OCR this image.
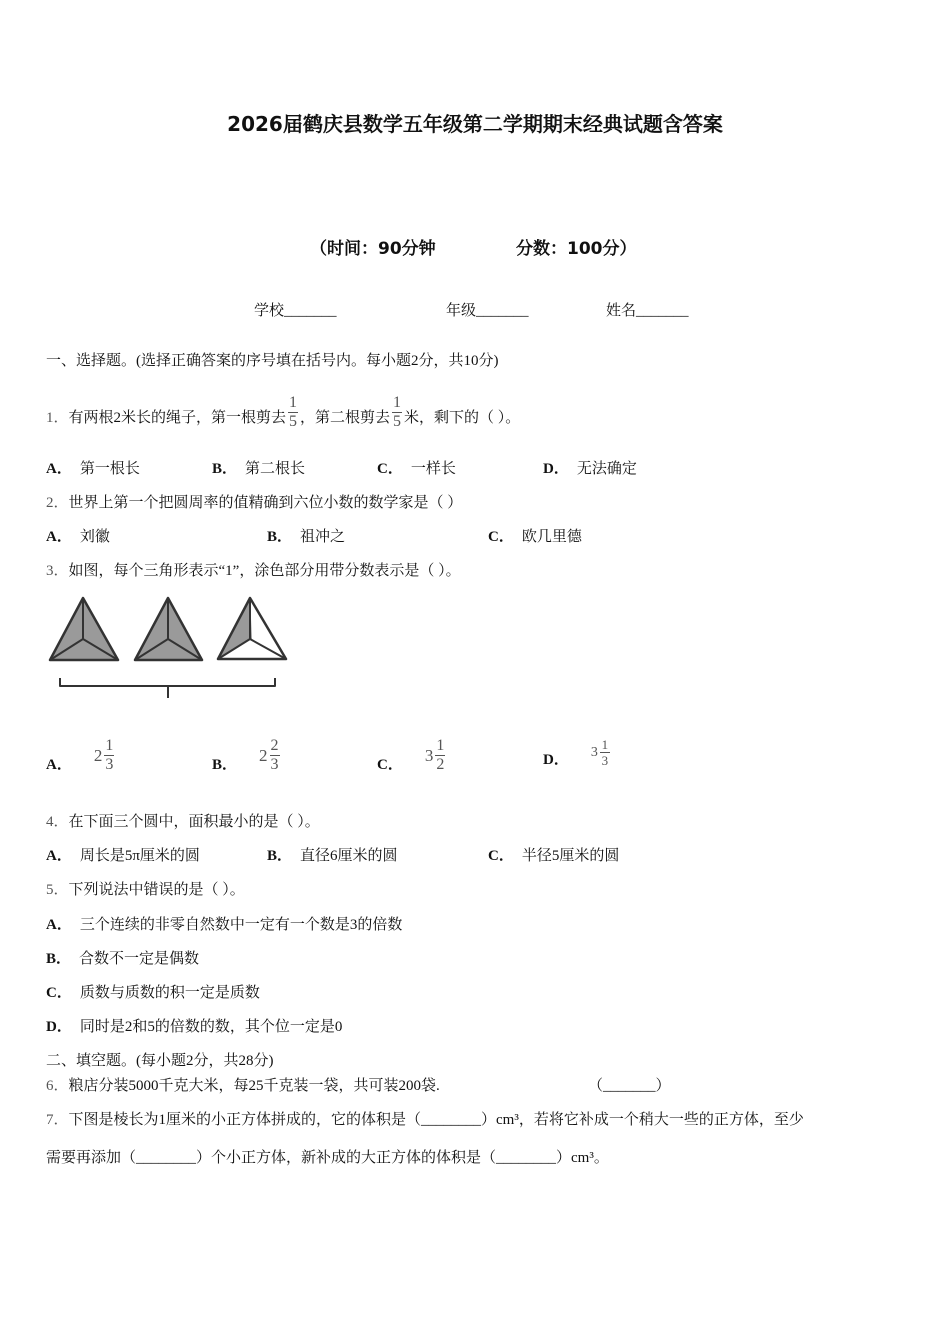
2026届鹤庆县数学五年级第二学期期末经典试题含答案
（时间：90分钟	分数：100分）
学校_______	年级_______	姓名_______
一、选择题。(选择正确答案的序号填在括号内。每小题2分，共10分)
1．有两根2米长的绳子，第一根剪去 $\frac{1}{5}$ ，第二根剪去 $\frac{1}{5}$ 米，剩下的（ ）。
A． 第一根长	B． 第二根长	C． 一样长	D． 无法确定
2．世界上第一个把圆周率的值精确到六位小数的数学家是（ ）
A． 刘徽	B． 祖冲之	C． 欧几里德
3．如图，每个三角形表示“1”，涂色部分用带分数表示是（ ）。
A． $2 \frac{1}{3}$	B． $2 \frac{2}{3}$	C． $3 \frac{1}{2}$	D． $3 \frac{1}{3}$
4．在下面三个圆中，面积最小的是（ ）。
A． 周长是5π厘米的圆	B． 直径6厘米的圆	C． 半径5厘米的圆
5．下列说法中错误的是（ ）。
A． 三个连续的非零自然数中一定有一个数是3的倍数
B． 合数不一定是偶数
C． 质数与质数的积一定是质数
D． 同时是2和5的倍数的数，其个位一定是0
二、填空题。(每小题2分，共28分)
6．粮店分装5000千克大米，每25千克装一袋，共可装200袋.	（_______）
7．下图是棱长为1厘米的小正方体拼成的，它的体积是（________）cm³，若将它补成一个稍大一些的正方体，至少
需要再添加（________）个小正方体，新补成的大正方体的体积是（________）cm³。
